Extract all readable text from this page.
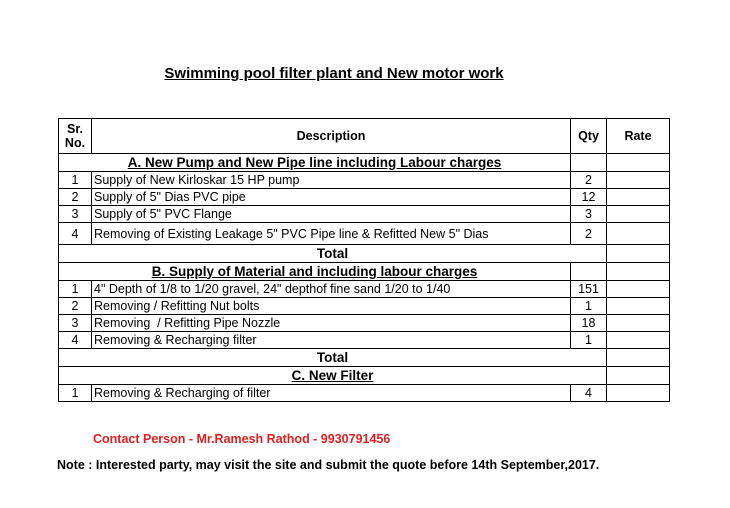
Swimming pool filter plant and New motor work
Sr.
No.	Description	Qty	Rate
A. New Pump and New Pipe line including Labour charges			
1	Supply of New Kirloskar 15 HP pump	2	
2	Supply of 5" Dias PVC pipe	12	
3	Supply of 5" PVC Flange	3	
4	Removing of Existing Leakage 5" PVC Pipe line & Refitted New 5" Dias	2	
Total			
B. Supply of Material and including labour charges			
1	4" Depth of 1/8 to 1/20 gravel, 24" depthof fine sand 1/20 to 1/40	151	
2	Removing / Refitting Nut bolts	1	
3	Removing  / Refitting Pipe Nozzle	18	
4	Removing & Recharging filter	1	
Total			
C. New Filter			
1	Removing & Recharging of filter	4	
Contact Person - Mr.Ramesh Rathod - 9930791456
Note : Interested party, may visit the site and submit the quote before 14th September,2017.
